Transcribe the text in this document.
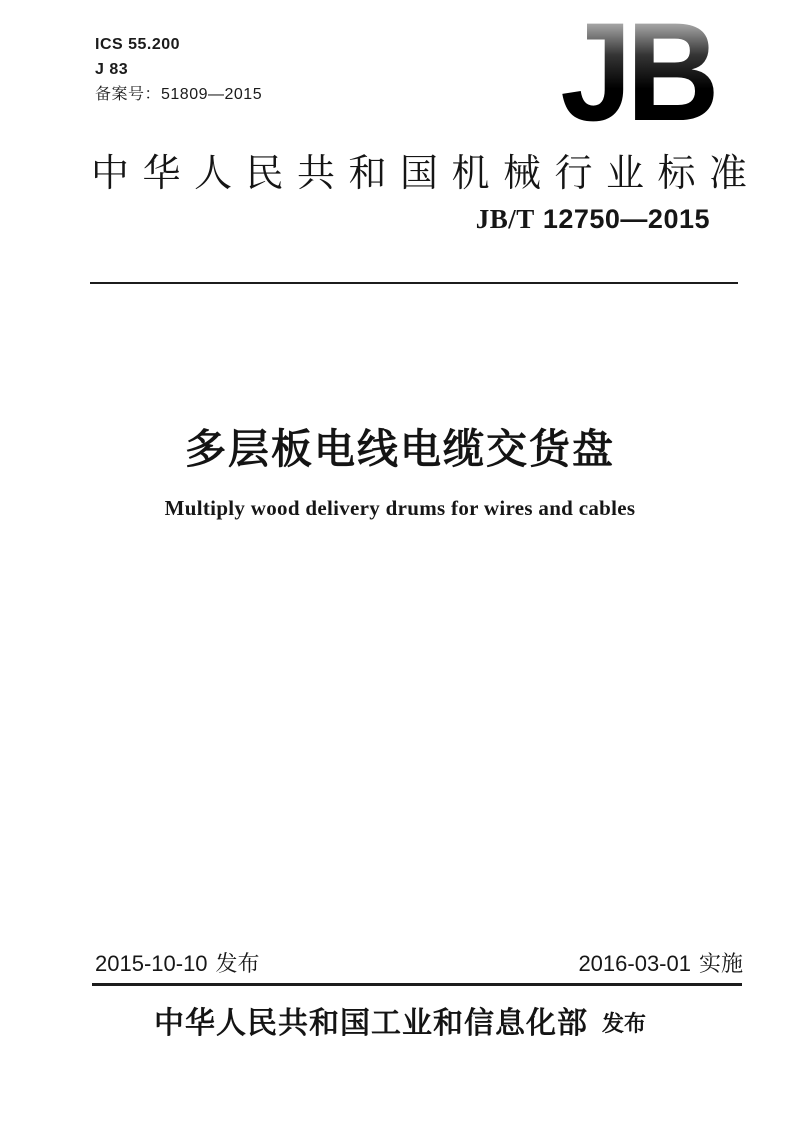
ICS 55.200
J 83
备案号：51809—2015 JB
中华人民共和国机械行业标准
JB/T 12750—2015
多层板电线电缆交货盘
Multiply wood delivery drums for wires and cables
2015-10-10 发布	2016-03-01 实施
中华人民共和国工业和信息化部 发布
